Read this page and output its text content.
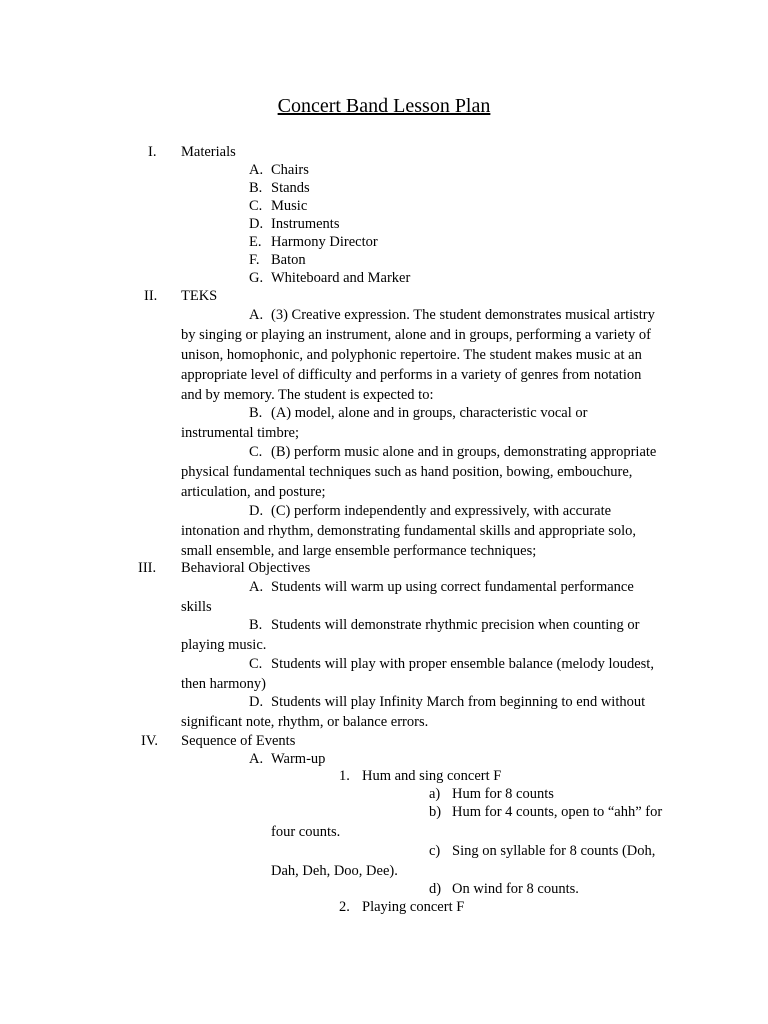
Concert Band Lesson Plan
I. Materials
A. Chairs
B. Stands
C. Music
D. Instruments
E. Harmony Director
F. Baton
G. Whiteboard and Marker
II. TEKS
A. (3) Creative expression. The student demonstrates musical artistry
by singing or playing an instrument, alone and in groups, performing a variety of
unison, homophonic, and polyphonic repertoire. The student makes music at an
appropriate level of difficulty and performs in a variety of genres from notation
and by memory. The student is expected to:
B. (A) model, alone and in groups, characteristic vocal or
instrumental timbre;
C. (B) perform music alone and in groups, demonstrating appropriate
physical fundamental techniques such as hand position, bowing, embouchure,
articulation, and posture;
D. (C) perform independently and expressively, with accurate
intonation and rhythm, demonstrating fundamental skills and appropriate solo,
small ensemble, and large ensemble performance techniques;
III. Behavioral Objectives
A. Students will warm up using correct fundamental performance
skills
B. Students will demonstrate rhythmic precision when counting or
playing music.
C. Students will play with proper ensemble balance (melody loudest,
then harmony)
D. Students will play Infinity March from beginning to end without
significant note, rhythm, or balance errors.
IV. Sequence of Events
A. Warm-up
1. Hum and sing concert F
a) Hum for 8 counts
b) Hum for 4 counts, open to “ahh” for
four counts.
c) Sing on syllable for 8 counts (Doh,
Dah, Deh, Doo, Dee).
d) On wind for 8 counts.
2. Playing concert F
